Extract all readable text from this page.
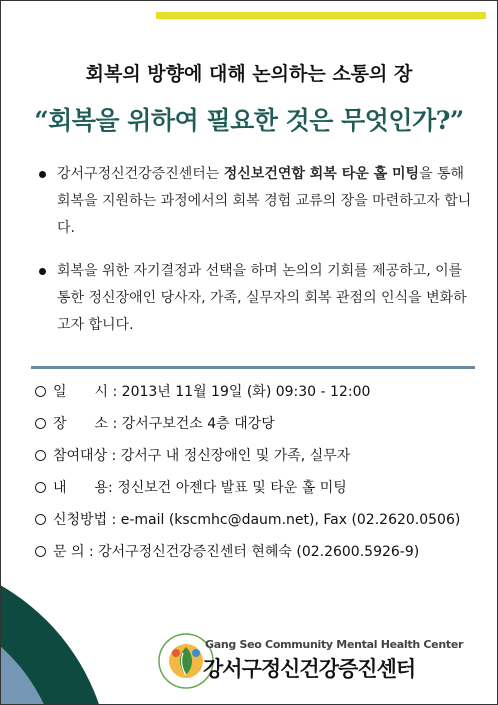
회복의 방향에 대해 논의하는 소통의 장
“회복을 위하여 필요한 것은 무엇인가?”
강서구정신건강증진센터는 정신보건연합 회복 타운 홀 미팅을 통해 회복을 지원하는 과정에서의 회복 경험 교류의 장을 마련하고자 합니다.
회복을 위한 자기결정과 선택을 하며 논의의 기회를 제공하고, 이를 통한 정신장애인 당사자, 가족, 실무자의 회복 관점의 인식을 변화하고자 합니다.
일　　시 : 2013년 11월 19일 (화) 09:30 - 12:00
장　　소 : 강서구보건소 4층 대강당
참여대상 : 강서구 내 정신장애인 및 가족, 실무자
내　　용: 정신보건 아젠다 발표 및 타운 홀 미팅
신청방법 : e-mail (kscmhc@daum.net), Fax (02.2620.0506)
문 의 : 강서구정신건강증진센터 현혜숙 (02.2600.5926-9)
Gang Seo Community Mental Health Center
강서구정신건강증진센터
